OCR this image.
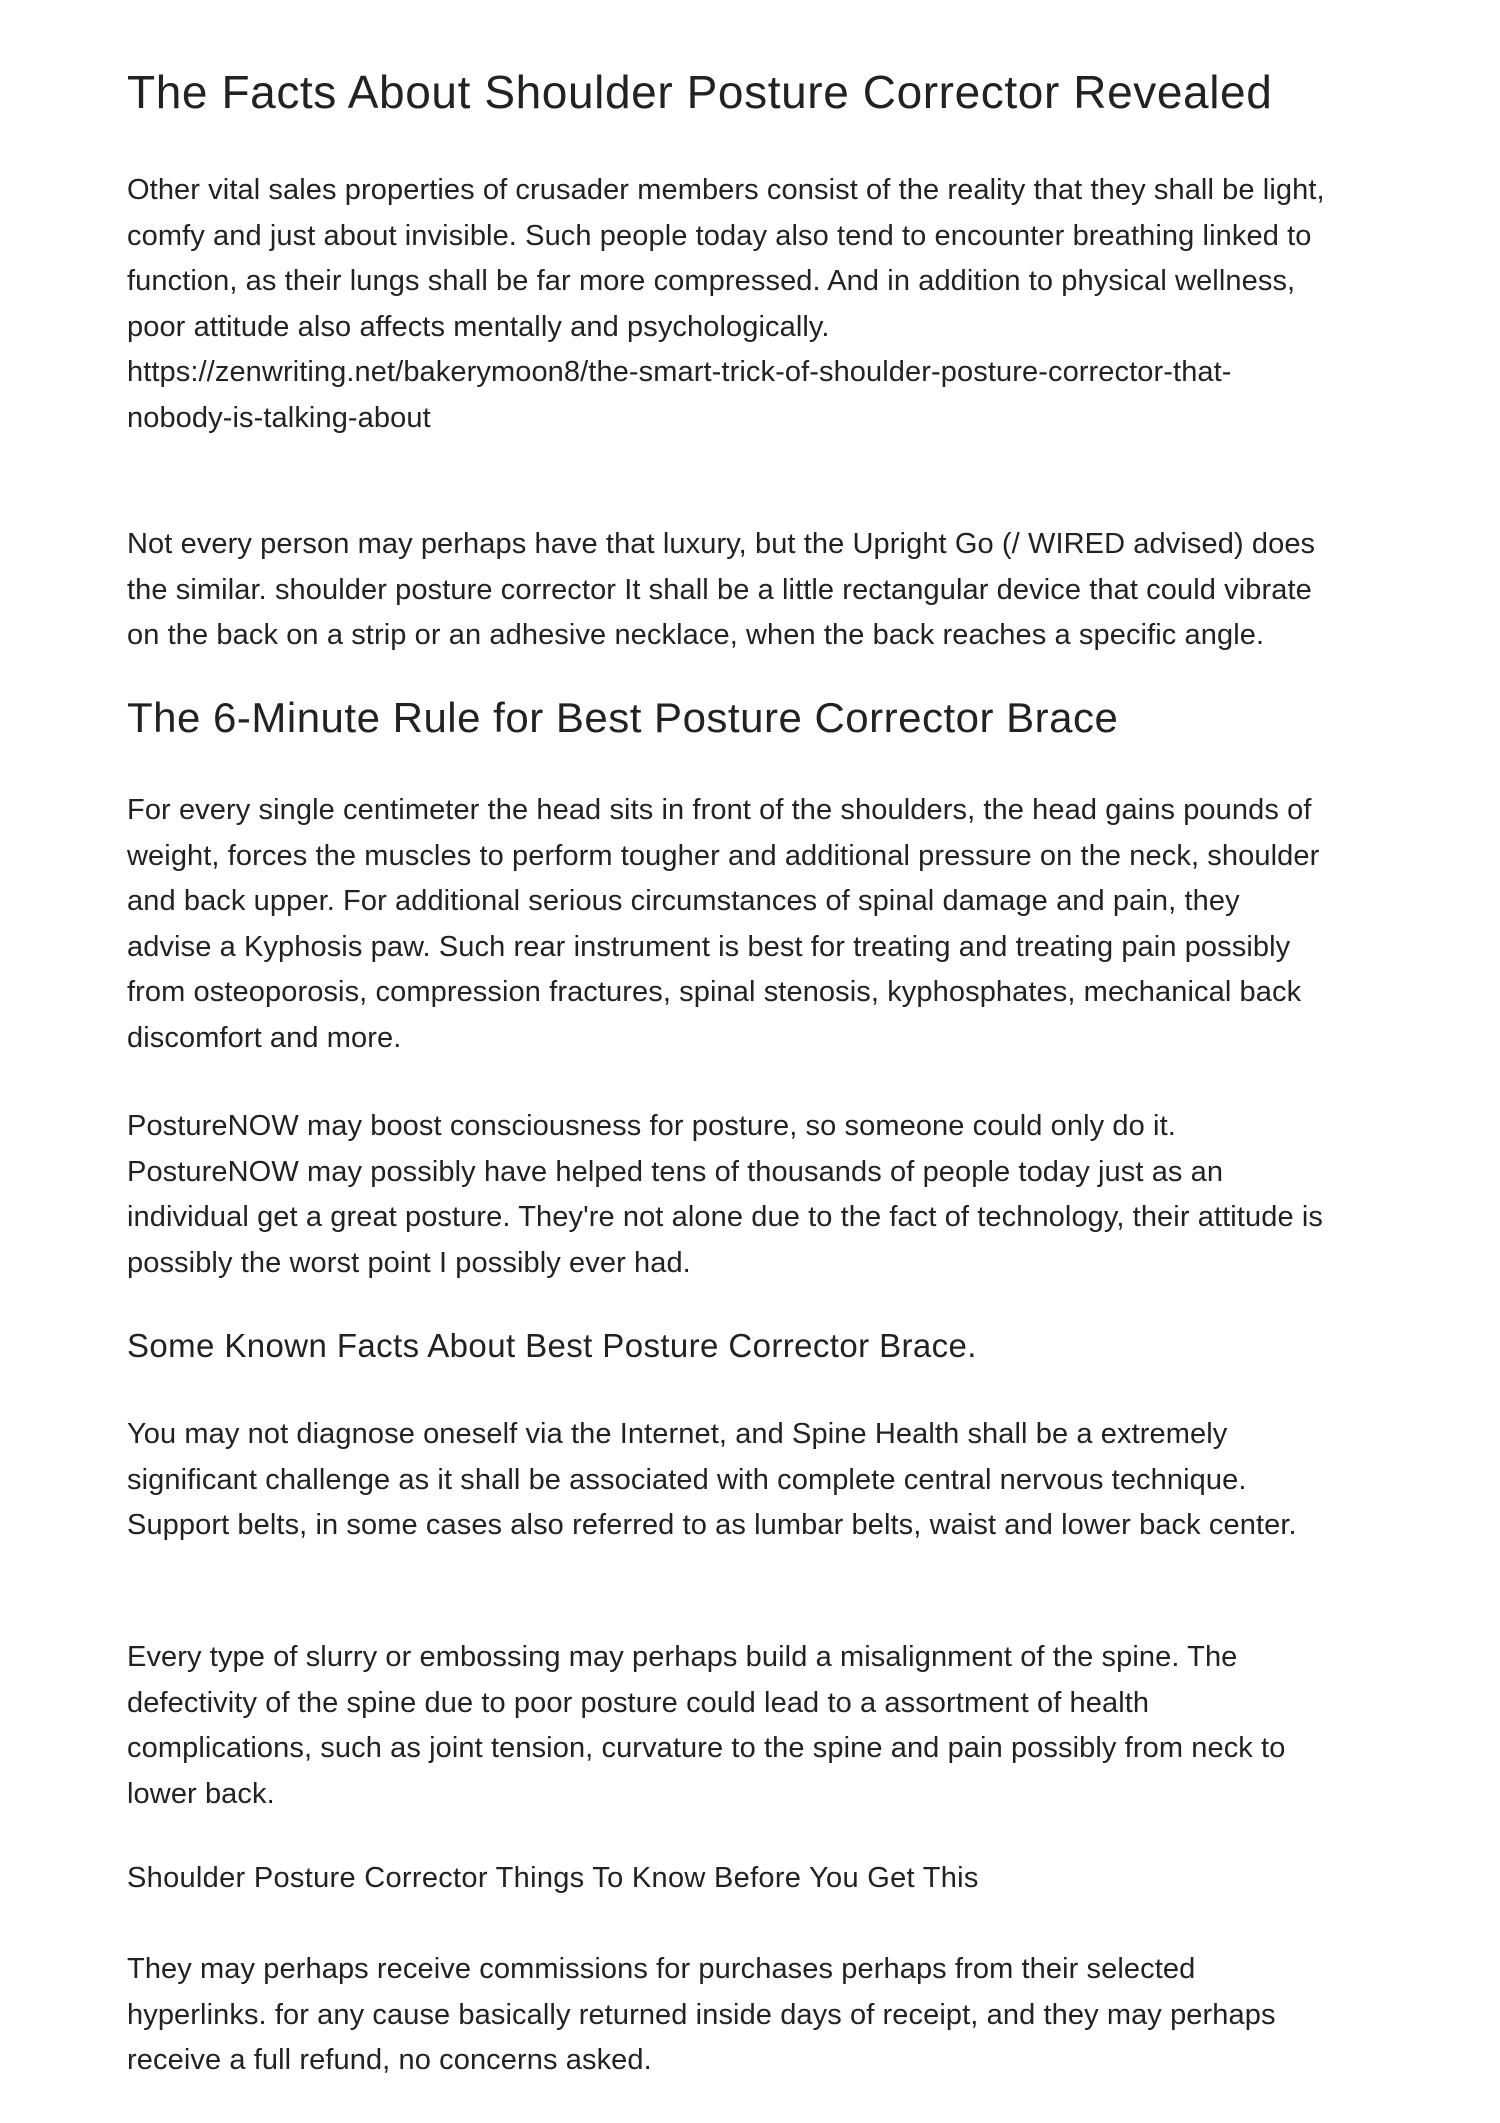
The Facts About Shoulder Posture Corrector Revealed
Other vital sales properties of crusader members consist of the reality that they shall be light,
comfy and just about invisible. Such people today also tend to encounter breathing linked to
function, as their lungs shall be far more compressed. And in addition to physical wellness,
poor attitude also affects mentally and psychologically.
https://zenwriting.net/bakerymoon8/the-smart-trick-of-shoulder-posture-corrector-that-
nobody-is-talking-about
Not every person may perhaps have that luxury, but the Upright Go (/ WIRED advised) does
the similar. shoulder posture corrector It shall be a little rectangular device that could vibrate
on the back on a strip or an adhesive necklace, when the back reaches a specific angle.
The 6-Minute Rule for Best Posture Corrector Brace
For every single centimeter the head sits in front of the shoulders, the head gains pounds of
weight, forces the muscles to perform tougher and additional pressure on the neck, shoulder
and back upper. For additional serious circumstances of spinal damage and pain, they
advise a Kyphosis paw. Such rear instrument is best for treating and treating pain possibly
from osteoporosis, compression fractures, spinal stenosis, kyphosphates, mechanical back
discomfort and more.
PostureNOW may boost consciousness for posture, so someone could only do it.
PostureNOW may possibly have helped tens of thousands of people today just as an
individual get a great posture. They're not alone due to the fact of technology, their attitude is
possibly the worst point I possibly ever had.
Some Known Facts About Best Posture Corrector Brace.
You may not diagnose oneself via the Internet, and Spine Health shall be a extremely
significant challenge as it shall be associated with complete central nervous technique.
Support belts, in some cases also referred to as lumbar belts, waist and lower back center.
Every type of slurry or embossing may perhaps build a misalignment of the spine. The
defectivity of the spine due to poor posture could lead to a assortment of health
complications, such as joint tension, curvature to the spine and pain possibly from neck to
lower back.
Shoulder Posture Corrector Things To Know Before You Get This
They may perhaps receive commissions for purchases perhaps from their selected
hyperlinks. for any cause basically returned inside days of receipt, and they may perhaps
receive a full refund, no concerns asked.
